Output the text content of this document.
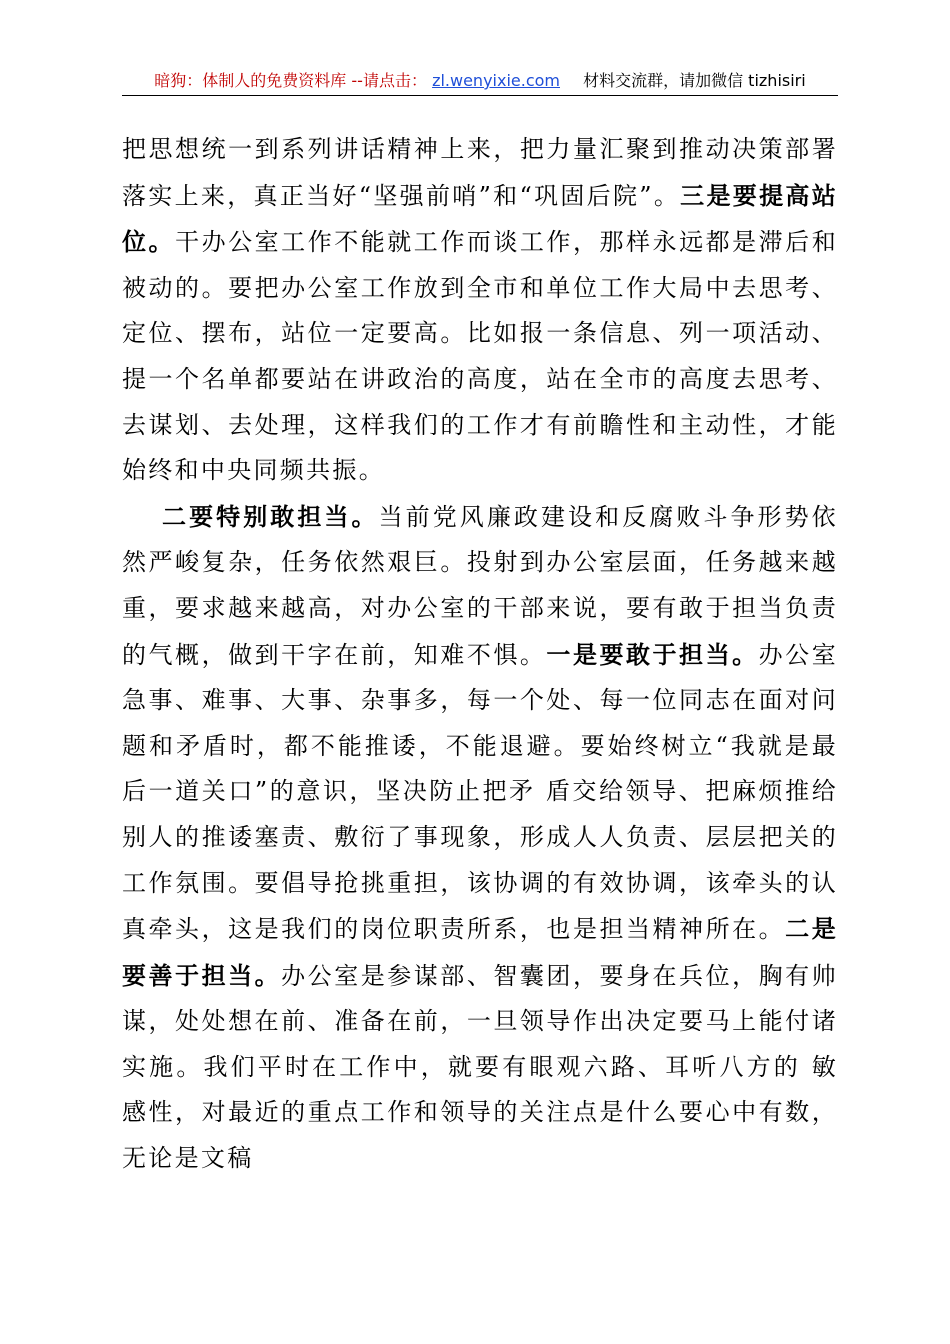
暗狗：体制人的免费资料库 --请点击： zl.wenyixie.com 材料交流群，请加微信 tizhisiri

把思想统一到系列讲话精神上来，把力量汇聚到推动决策部署落实上来，真正当好“坚强前哨”和“巩固后院”。三是要提高站位。干办公室工作不能就工作而谈工作，那样永远都是滞后和被动的。要把办公室工作放到全市和单位工作大局中去思考、定位、摆布，站位一定要高。比如报一条信息、列一项活动、提一个名单都要站在讲政治的高度，站在全市的高度去思考、去谋划、去处理，这样我们的工作才有前瞻性和主动性，才能始终和中央同频共振。

二要特别敢担当。当前党风廉政建设和反腐败斗争形势依然严峻复杂，任务依然艰巨。投射到办公室层面，任务越来越重，要求越来越高，对办公室的干部来说，要有敢于担当负责的气概，做到干字在前，知难不惧。一是要敢于担当。办公室急事、难事、大事、杂事多，每一个处、每一位同志在面对问题和矛盾时，都不能推诿，不能退避。要始终树立“我就是最后一道关口”的意识，坚决防止把矛 盾交给领导、把麻烦推给别人的推诿塞责、敷衍了事现象，形成人人负责、层层把关的工作氛围。要倡导抢挑重担，该协调的有效协调，该牵头的认真牵头，这是我们的岗位职责所系，也是担当精神所在。二是要善于担当。办公室是参谋部、智囊团，要身在兵位，胸有帅谋，处处想在前、准备在前，一旦领导作出决定要马上能付诸实施。我们平时在工作中，就要有眼观六路、耳听八方的 敏感性，对最近的重点工作和领导的关注点是什么要心中有数，无论是文稿
